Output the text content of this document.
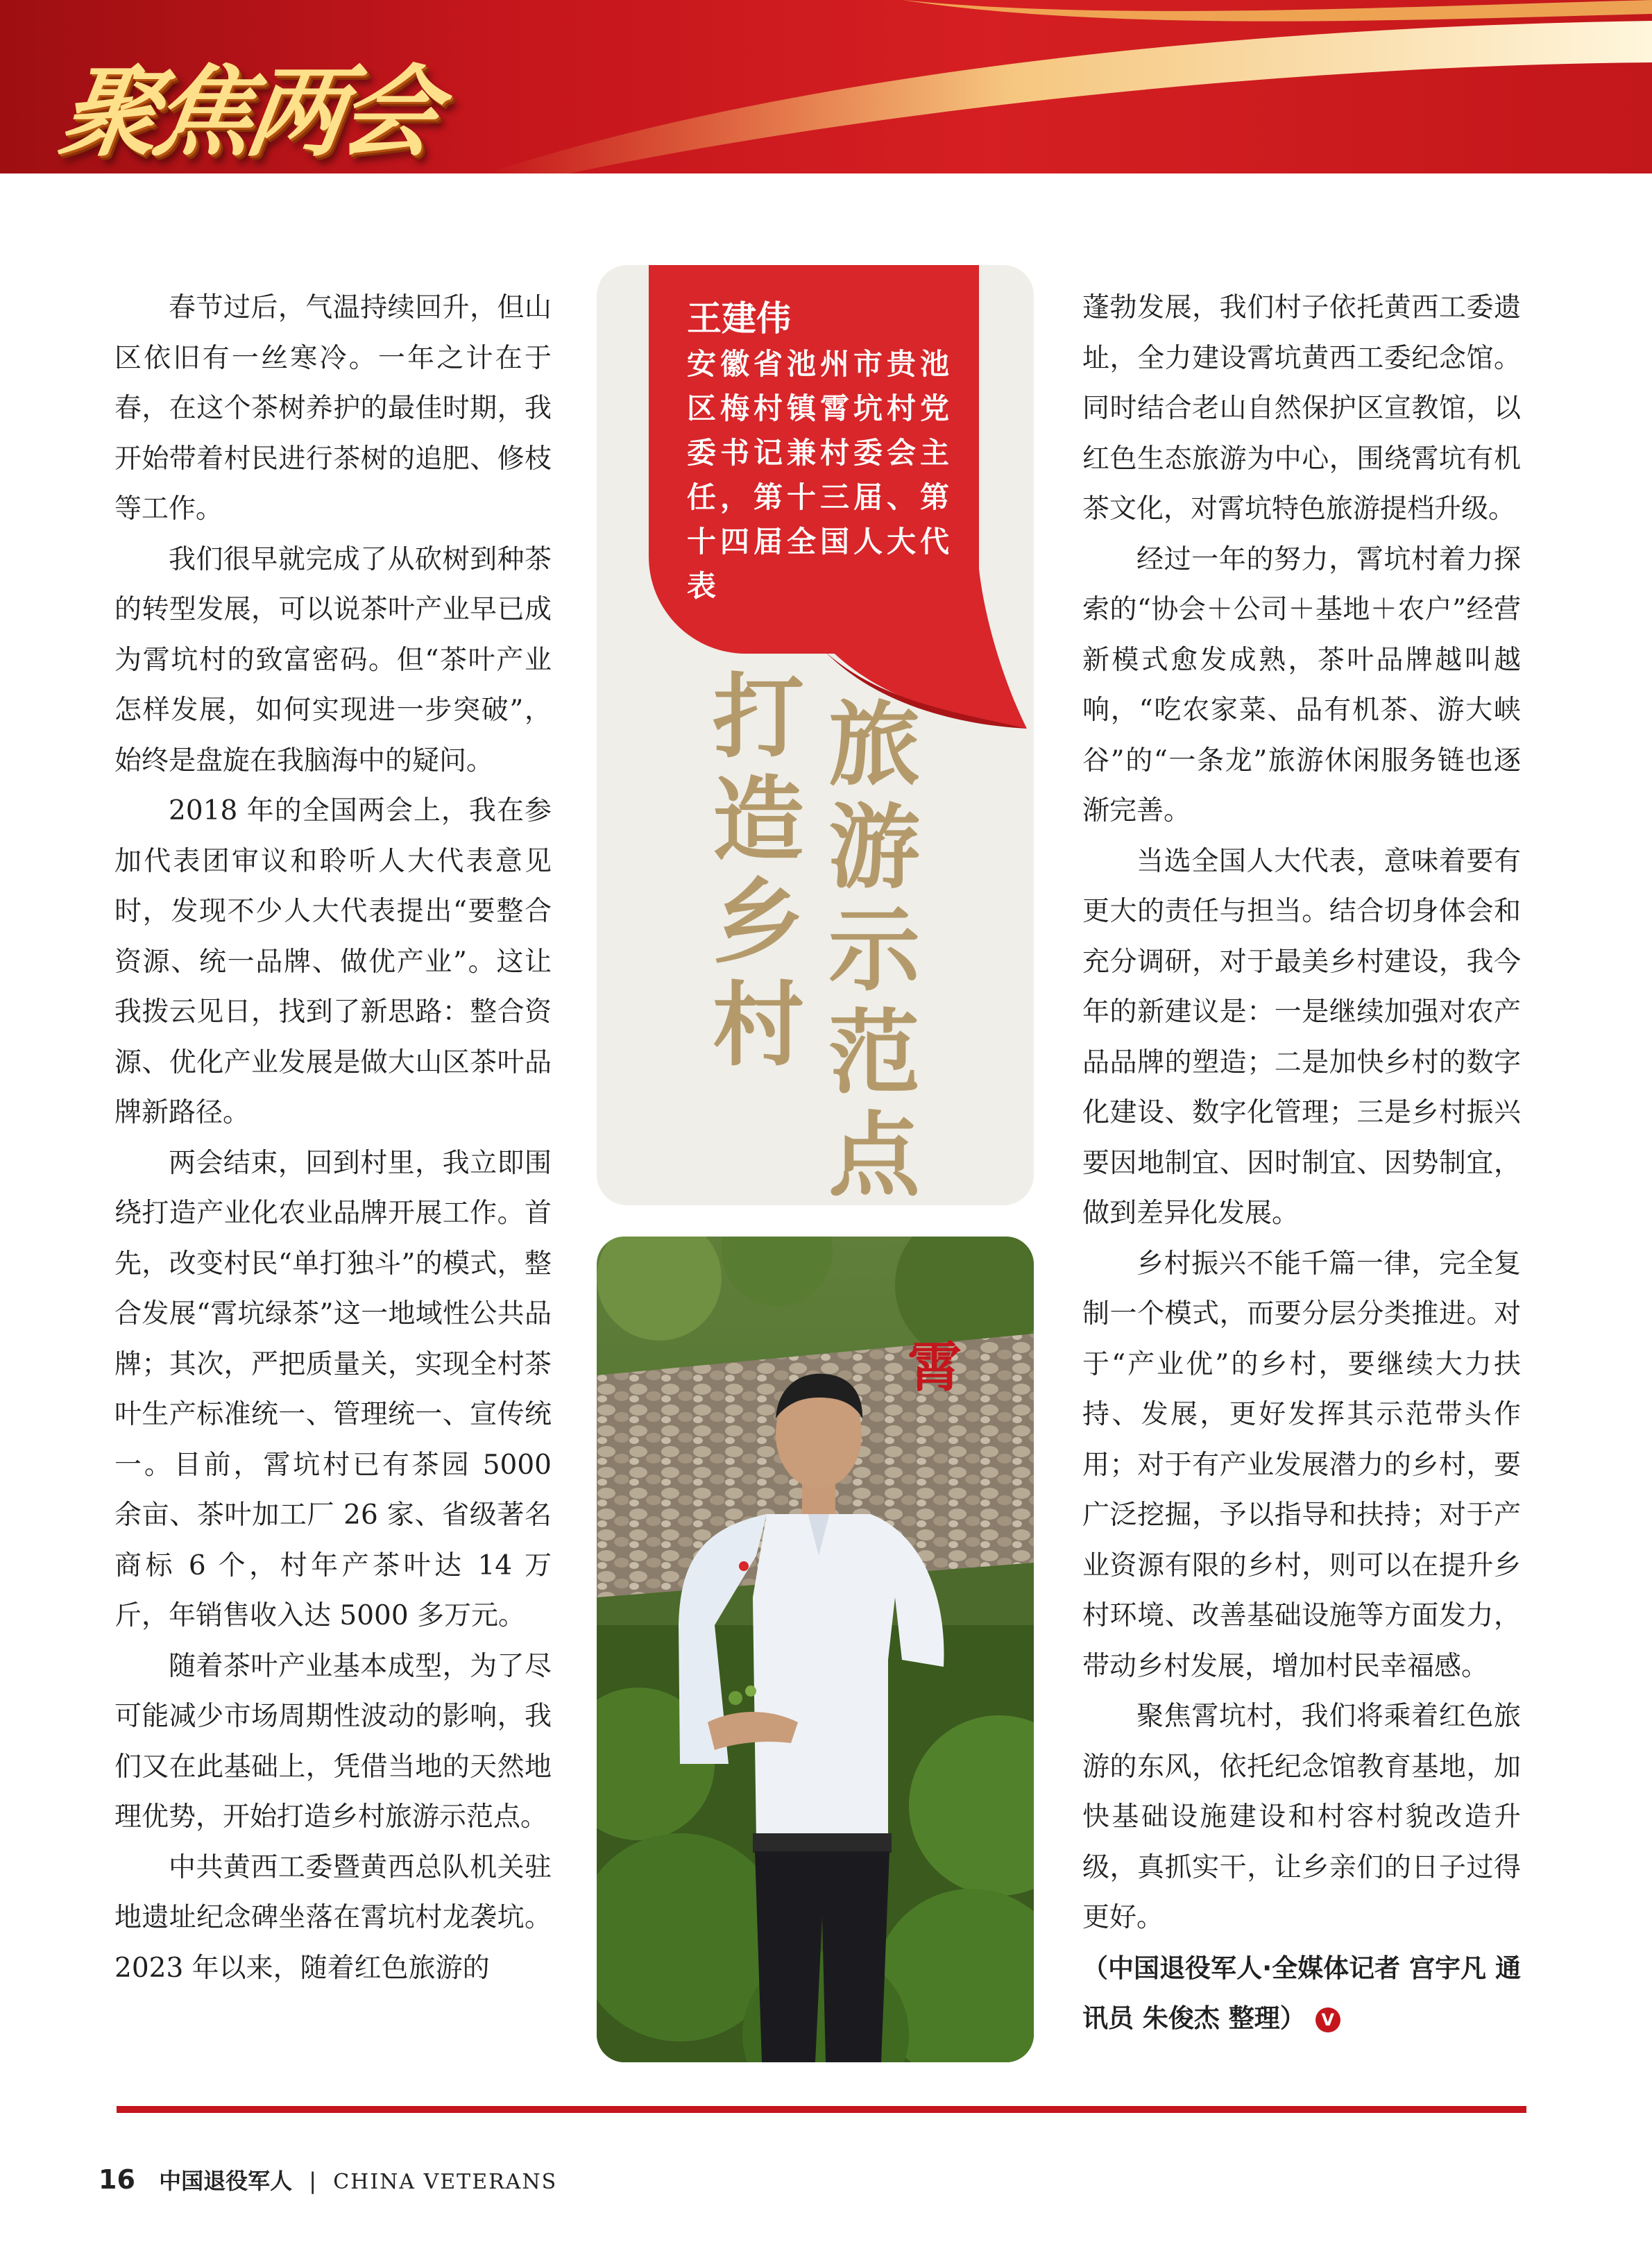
聚焦两会

春节过后，气温持续回升，但山区依旧有一丝寒冷。一年之计在于春，在这个茶树养护的最佳时期，我开始带着村民进行茶树的追肥、修枝等工作。

我们很早就完成了从砍树到种茶的转型发展，可以说茶叶产业早已成为霄坑村的致富密码。但“茶叶产业怎样发展，如何实现进一步突破”，始终是盘旋在我脑海中的疑问。

2018 年的全国两会上，我在参加代表团审议和聆听人大代表意见时，发现不少人大代表提出“要整合资源、统一品牌、做优产业”。这让我拨云见日，找到了新思路：整合资源、优化产业发展是做大山区茶叶品牌新路径。

两会结束，回到村里，我立即围绕打造产业化农业品牌开展工作。首先，改变村民“单打独斗”的模式，整合发展“霄坑绿茶”这一地域性公共品牌；其次，严把质量关，实现全村茶叶生产标准统一、管理统一、宣传统一。目前，霄坑村已有茶园 5000 余亩、茶叶加工厂 26 家、省级著名商标 6 个，村年产茶叶达 14 万斤，年销售收入达 5000 多万元。

随着茶叶产业基本成型，为了尽可能减少市场周期性波动的影响，我们又在此基础上，凭借当地的天然地理优势，开始打造乡村旅游示范点。

中共黄西工委暨黄西总队机关驻地遗址纪念碑坐落在霄坑村龙袭坑。2023 年以来，随着红色旅游的

王建伟
安徽省池州市贵池区梅村镇霄坑村党委书记兼村委会主任，第十三届、第十四届全国人大代表
旅游示范点
打造乡村
霄

蓬勃发展，我们村子依托黄西工委遗址，全力建设霄坑黄西工委纪念馆。同时结合老山自然保护区宣教馆，以红色生态旅游为中心，围绕霄坑有机茶文化，对霄坑特色旅游提档升级。

经过一年的努力，霄坑村着力探索的“协会＋公司＋基地＋农户”经营新模式愈发成熟，茶叶品牌越叫越响，“吃农家菜、品有机茶、游大峡谷”的“一条龙”旅游休闲服务链也逐渐完善。

当选全国人大代表，意味着要有更大的责任与担当。结合切身体会和充分调研，对于最美乡村建设，我今年的新建议是：一是继续加强对农产品品牌的塑造；二是加快乡村的数字化建设、数字化管理；三是乡村振兴要因地制宜、因时制宜、因势制宜，做到差异化发展。

乡村振兴不能千篇一律，完全复制一个模式，而要分层分类推进。对于“产业优”的乡村，要继续大力扶持、发展，更好发挥其示范带头作用；对于有产业发展潜力的乡村，要广泛挖掘，予以指导和扶持；对于产业资源有限的乡村，则可以在提升乡村环境、改善基础设施等方面发力，带动乡村发展，增加村民幸福感。

聚焦霄坑村，我们将乘着红色旅游的东风，依托纪念馆教育基地，加快基础设施建设和村容村貌改造升级，真抓实干，让乡亲们的日子过得更好。

（中国退役军人·全媒体记者 宫宇凡 通讯员 朱俊杰 整理） V

16 中国退役军人 | CHINA VETERANS
